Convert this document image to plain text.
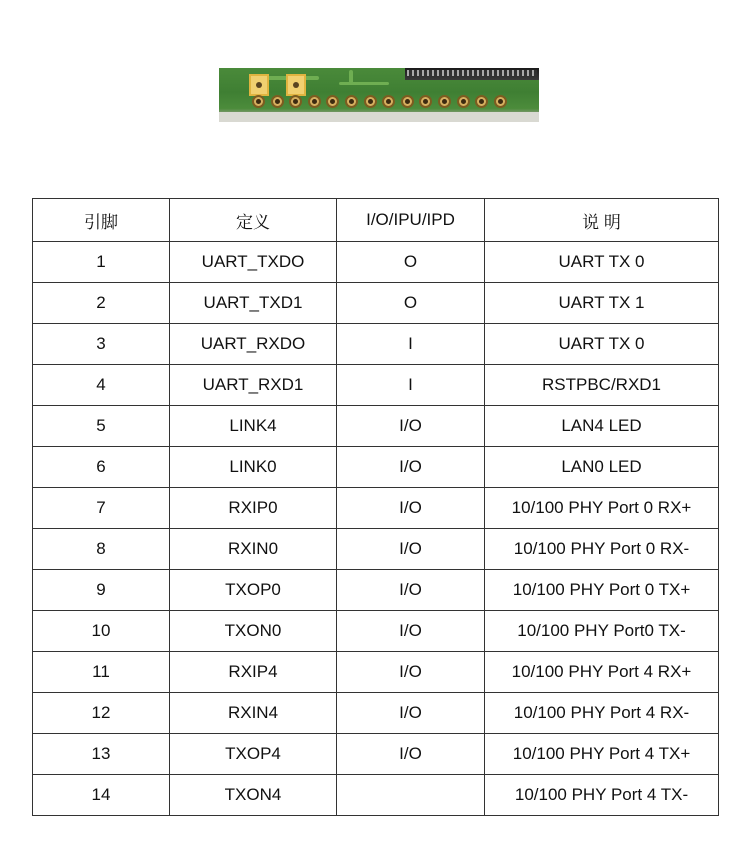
引脚	定义	I/O/IPU/IPD	说 明
1	UART_TXDO	O	UART TX 0
2	UART_TXD1	O	UART TX 1
3	UART_RXDO	I	UART TX 0
4	UART_RXD1	I	RSTPBC/RXD1
5	LINK4	I/O	LAN4 LED
6	LINK0	I/O	LAN0 LED
7	RXIP0	I/O	10/100 PHY Port 0 RX+
8	RXIN0	I/O	10/100 PHY Port 0 RX-
9	TXOP0	I/O	10/100 PHY Port 0 TX+
10	TXON0	I/O	10/100 PHY Port0 TX-
11	RXIP4	I/O	10/100 PHY Port 4 RX+
12	RXIN4	I/O	10/100 PHY Port 4 RX-
13	TXOP4	I/O	10/100 PHY Port 4 TX+
14	TXON4		10/100 PHY Port 4 TX-
